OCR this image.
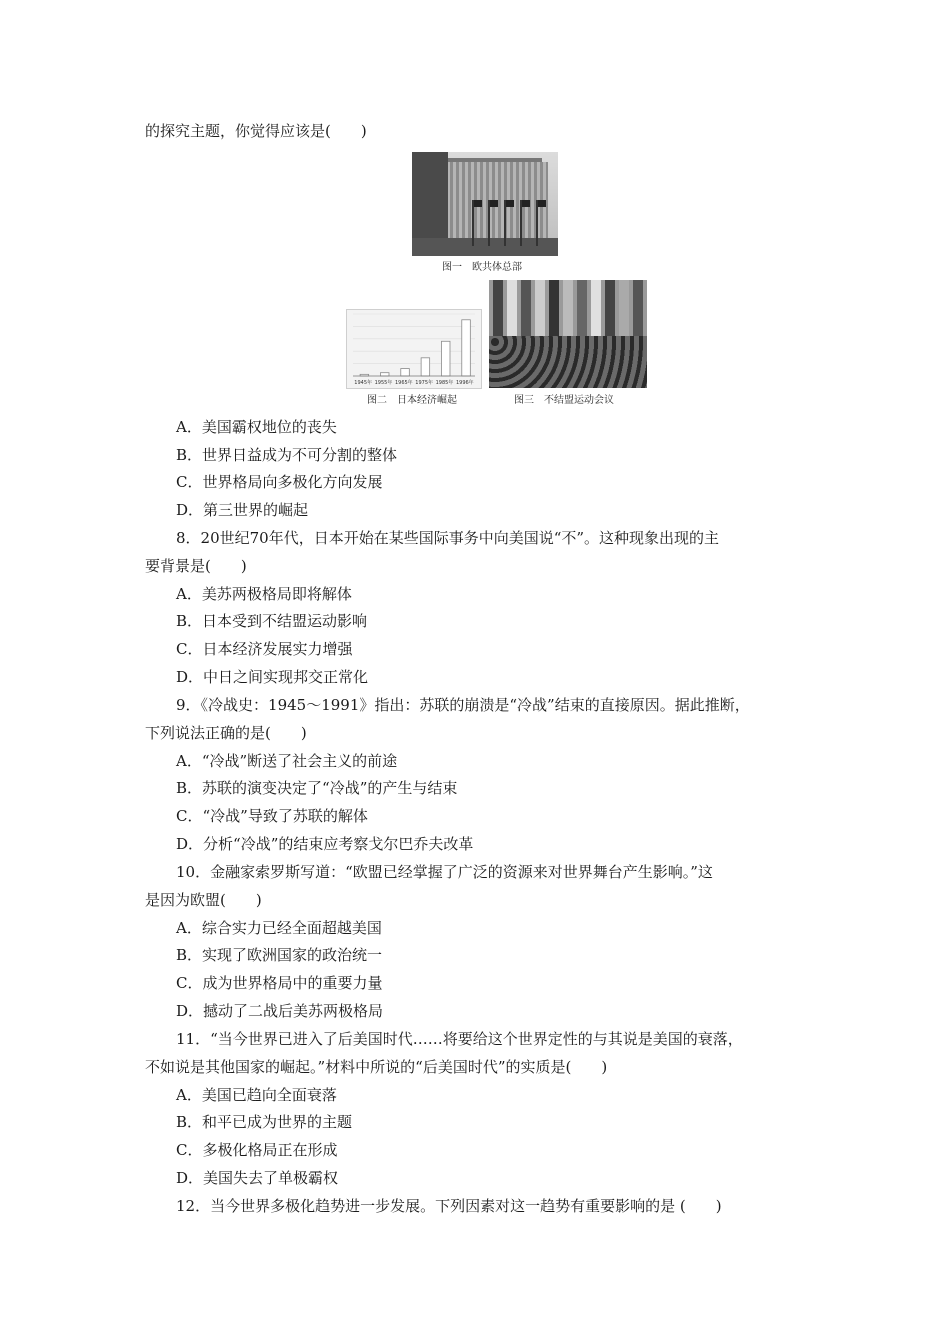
的探究主题，你觉得应该是(　　)
图一　欧共体总部
1945年 1955年 1965年 1975年 1985年 1996年
图二　日本经济崛起	图三　不结盟运动会议
A．美国霸权地位的丧失
B．世界日益成为不可分割的整体
C．世界格局向多极化方向发展
D．第三世界的崛起
8．20世纪70年代，日本开始在某些国际事务中向美国说“不”。这种现象出现的主
要背景是(　　)
A．美苏两极格局即将解体
B．日本受到不结盟运动影响
C．日本经济发展实力增强
D．中日之间实现邦交正常化
9．《冷战史：1945～1991》指出：苏联的崩溃是“冷战”结束的直接原因。据此推断，
下列说法正确的是(　　)
A．“冷战”断送了社会主义的前途
B．苏联的演变决定了“冷战”的产生与结束
C．“冷战”导致了苏联的解体
D．分析“冷战”的结束应考察戈尔巴乔夫改革
10．金融家索罗斯写道：“欧盟已经掌握了广泛的资源来对世界舞台产生影响。”这
是因为欧盟(　　)
A．综合实力已经全面超越美国
B．实现了欧洲国家的政治统一
C．成为世界格局中的重要力量
D．撼动了二战后美苏两极格局
11．“当今世界已进入了后美国时代……将要给这个世界定性的与其说是美国的衰落，
不如说是其他国家的崛起。”材料中所说的“后美国时代”的实质是(　　)
A．美国已趋向全面衰落
B．和平已成为世界的主题
C．多极化格局正在形成
D．美国失去了单极霸权
12．当今世界多极化趋势进一步发展。下列因素对这一趋势有重要影响的是 (　　)
